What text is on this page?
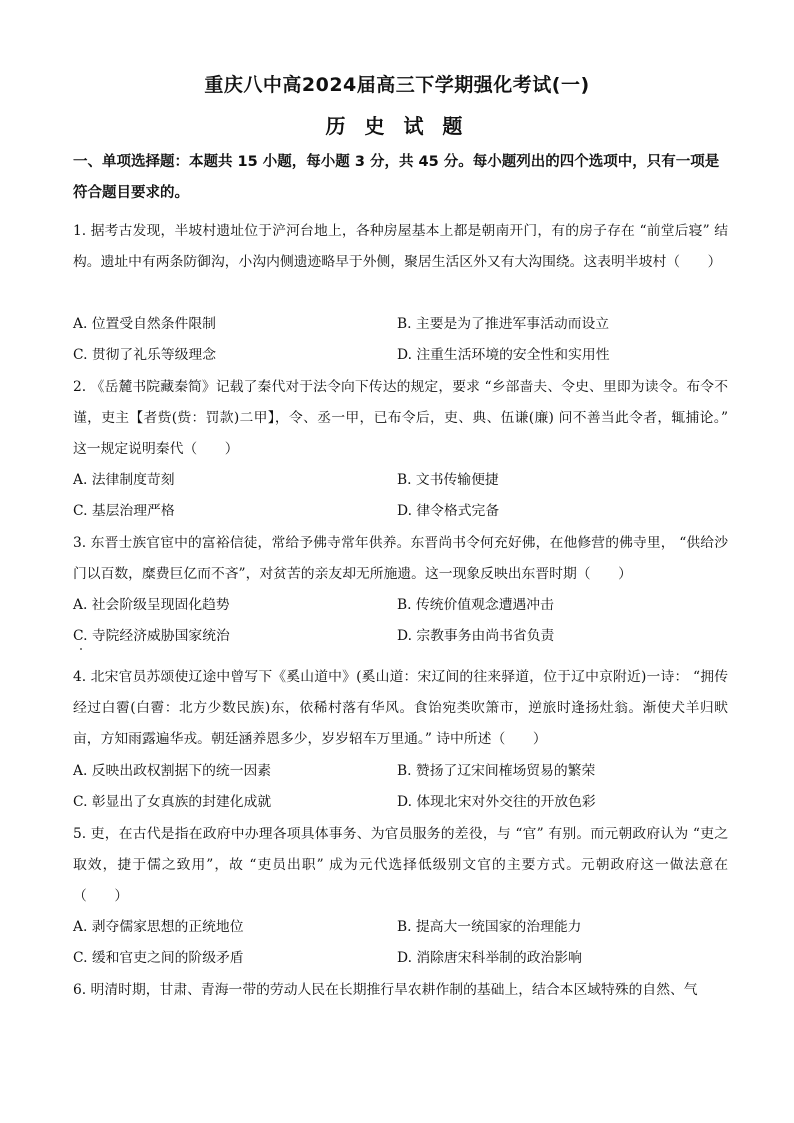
重庆八中高2024届高三下学期强化考试(一)
历 史 试 题
一、单项选择题：本题共 15 小题，每小题 3 分，共 45 分。每小题列出的四个选项中，只有一项是符合题目要求的。
1. 据考古发现，半坡村遗址位于浐河台地上，各种房屋基本上都是朝南开门，有的房子存在 “前堂后寝” 结构。遗址中有两条防御沟，小沟内侧遗迹略早于外侧，聚居生活区外又有大沟围绕。这表明半坡村（　　）
A. 位置受自然条件限制	B. 主要是为了推进军事活动而设立
C. 贯彻了礼乐等级理念	D. 注重生活环境的安全性和实用性
2. 《岳麓书院藏秦简》记载了秦代对于法令向下传达的规定，要求 “乡部啬夫、令史、里即为读令。布令不谨，吏主【者赀(赀：罚款)二甲】，令、丞一甲，已布令后，吏、典、伍谦(廉) 问不善当此令者，辄捕论。” 这一规定说明秦代（　　）
A. 法律制度苛刻	B. 文书传输便捷
C. 基层治理严格	D. 律令格式完备
3. 东晋士族官宦中的富裕信徒，常给予佛寺常年供养。东晋尚书令何充好佛，在他修营的佛寺里， “供给沙门以百数，糜费巨亿而不吝”，对贫苦的亲友却无所施遗。这一现象反映出东晋时期（　　）
A. 社会阶级呈现固化趋势	B. 传统价值观念遭遇冲击
C. 寺院经济威胁国家统治	D. 宗教事务由尚书省负责
4. 北宋官员苏颂使辽途中曾写下《奚山道中》(奚山道：宋辽间的往来驿道，位于辽中京附近)一诗： “拥传经过白霫(白霫：北方少数民族)东，依稀村落有华风。食饴宛类吹箫市，逆旅时逢扬灶翁。渐使犬羊归畎亩，方知雨露遍华戎。朝廷涵养恩多少，岁岁轺车万里通。” 诗中所述（　　）
A. 反映出政权割据下的统一因素	B. 赞扬了辽宋间榷场贸易的繁荣
C. 彰显出了女真族的封建化成就	D. 体现北宋对外交往的开放色彩
5. 吏，在古代是指在政府中办理各项具体事务、为官员服务的差役，与 “官” 有别。而元朝政府认为 “吏之取效，捷于儒之致用”，故 “吏员出职” 成为元代选择低级别文官的主要方式。元朝政府这一做法意在（　　）
A. 剥夺儒家思想的正统地位	B. 提高大一统国家的治理能力
C. 缓和官吏之间的阶级矛盾	D. 消除唐宋科举制的政治影响
6. 明清时期，甘肃、青海一带的劳动人民在长期推行旱农耕作制的基础上，结合本区域特殊的自然、气
